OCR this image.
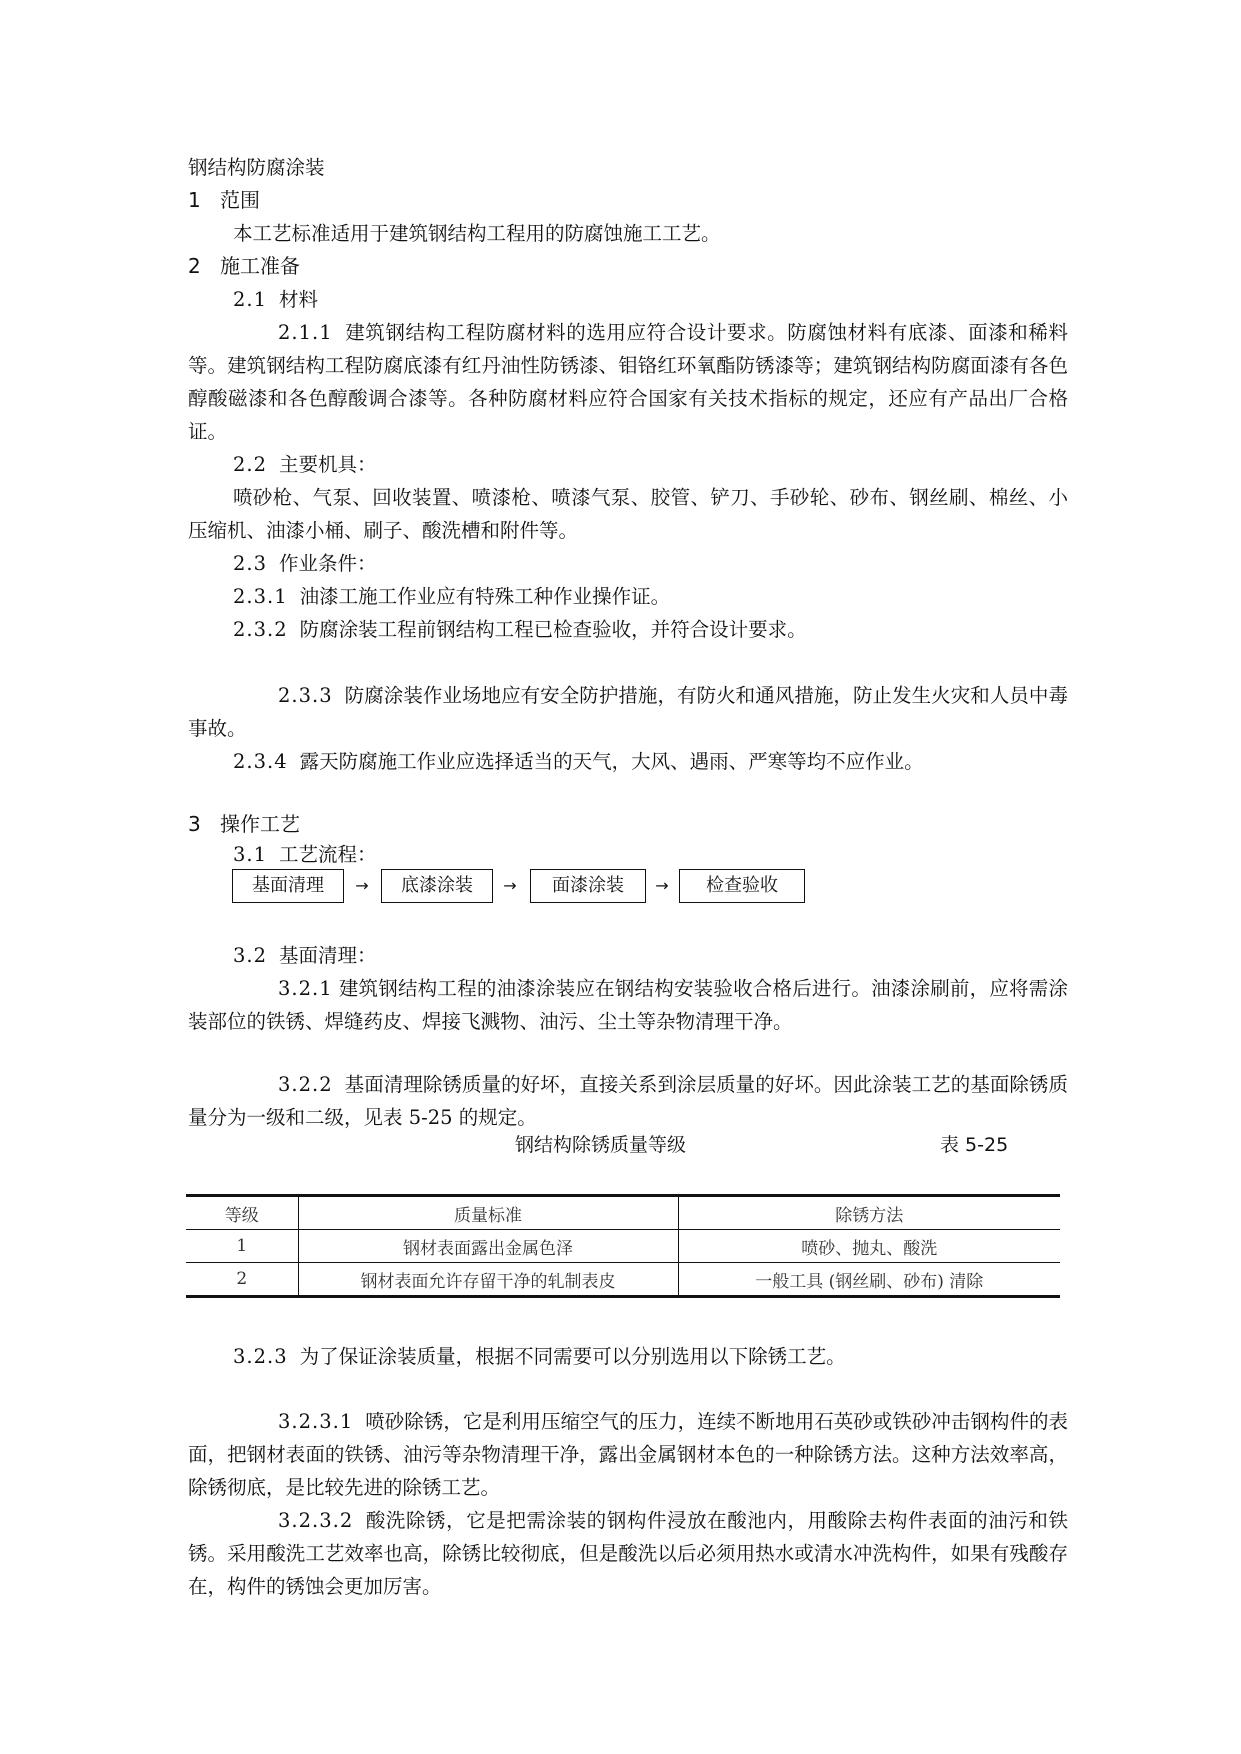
钢结构防腐涂装
1 范围
本工艺标准适用于建筑钢结构工程用的防腐蚀施工工艺。
2 施工准备
2.1 材料
2.1.1 建筑钢结构工程防腐材料的选用应符合设计要求。防腐蚀材料有底漆、面漆和稀料等。建筑钢结构工程防腐底漆有红丹油性防锈漆、钼铬红环氧酯防锈漆等；建筑钢结构防腐面漆有各色醇酸磁漆和各色醇酸调合漆等。各种防腐材料应符合国家有关技术指标的规定，还应有产品出厂合格证。
2.2 主要机具：
喷砂枪、气泵、回收装置、喷漆枪、喷漆气泵、胶管、铲刀、手砂轮、砂布、钢丝刷、棉丝、小压缩机、油漆小桶、刷子、酸洗槽和附件等。
2.3 作业条件：
2.3.1 油漆工施工作业应有特殊工种作业操作证。
2.3.2 防腐涂装工程前钢结构工程已检查验收，并符合设计要求。
2.3.3 防腐涂装作业场地应有安全防护措施，有防火和通风措施，防止发生火灾和人员中毒事故。
2.3.4 露天防腐施工作业应选择适当的天气，大风、遇雨、严寒等均不应作业。
3 操作工艺
3.1 工艺流程：
基面清理	→	底漆涂装	→	面漆涂装	→	检查验收
3.2 基面清理：
3.2.1 建筑钢结构工程的油漆涂装应在钢结构安装验收合格后进行。油漆涂刷前，应将需涂装部位的铁锈、焊缝药皮、焊接飞溅物、油污、尘土等杂物清理干净。
3.2.2 基面清理除锈质量的好坏，直接关系到涂层质量的好坏。因此涂装工艺的基面除锈质量分为一级和二级，见表 5-25 的规定。
钢结构除锈质量等级	表 5-25
等级	质量标准	除锈方法
1	钢材表面露出金属色泽	喷砂、抛丸、酸洗
2	钢材表面允许存留干净的轧制表皮	一般工具 (钢丝刷、砂布) 清除
3.2.3 为了保证涂装质量，根据不同需要可以分别选用以下除锈工艺。
3.2.3.1 喷砂除锈，它是利用压缩空气的压力，连续不断地用石英砂或铁砂冲击钢构件的表面，把钢材表面的铁锈、油污等杂物清理干净，露出金属钢材本色的一种除锈方法。这种方法效率高，除锈彻底，是比较先进的除锈工艺。
3.2.3.2 酸洗除锈，它是把需涂装的钢构件浸放在酸池内，用酸除去构件表面的油污和铁锈。采用酸洗工艺效率也高，除锈比较彻底，但是酸洗以后必须用热水或清水冲洗构件，如果有残酸存在，构件的锈蚀会更加厉害。
